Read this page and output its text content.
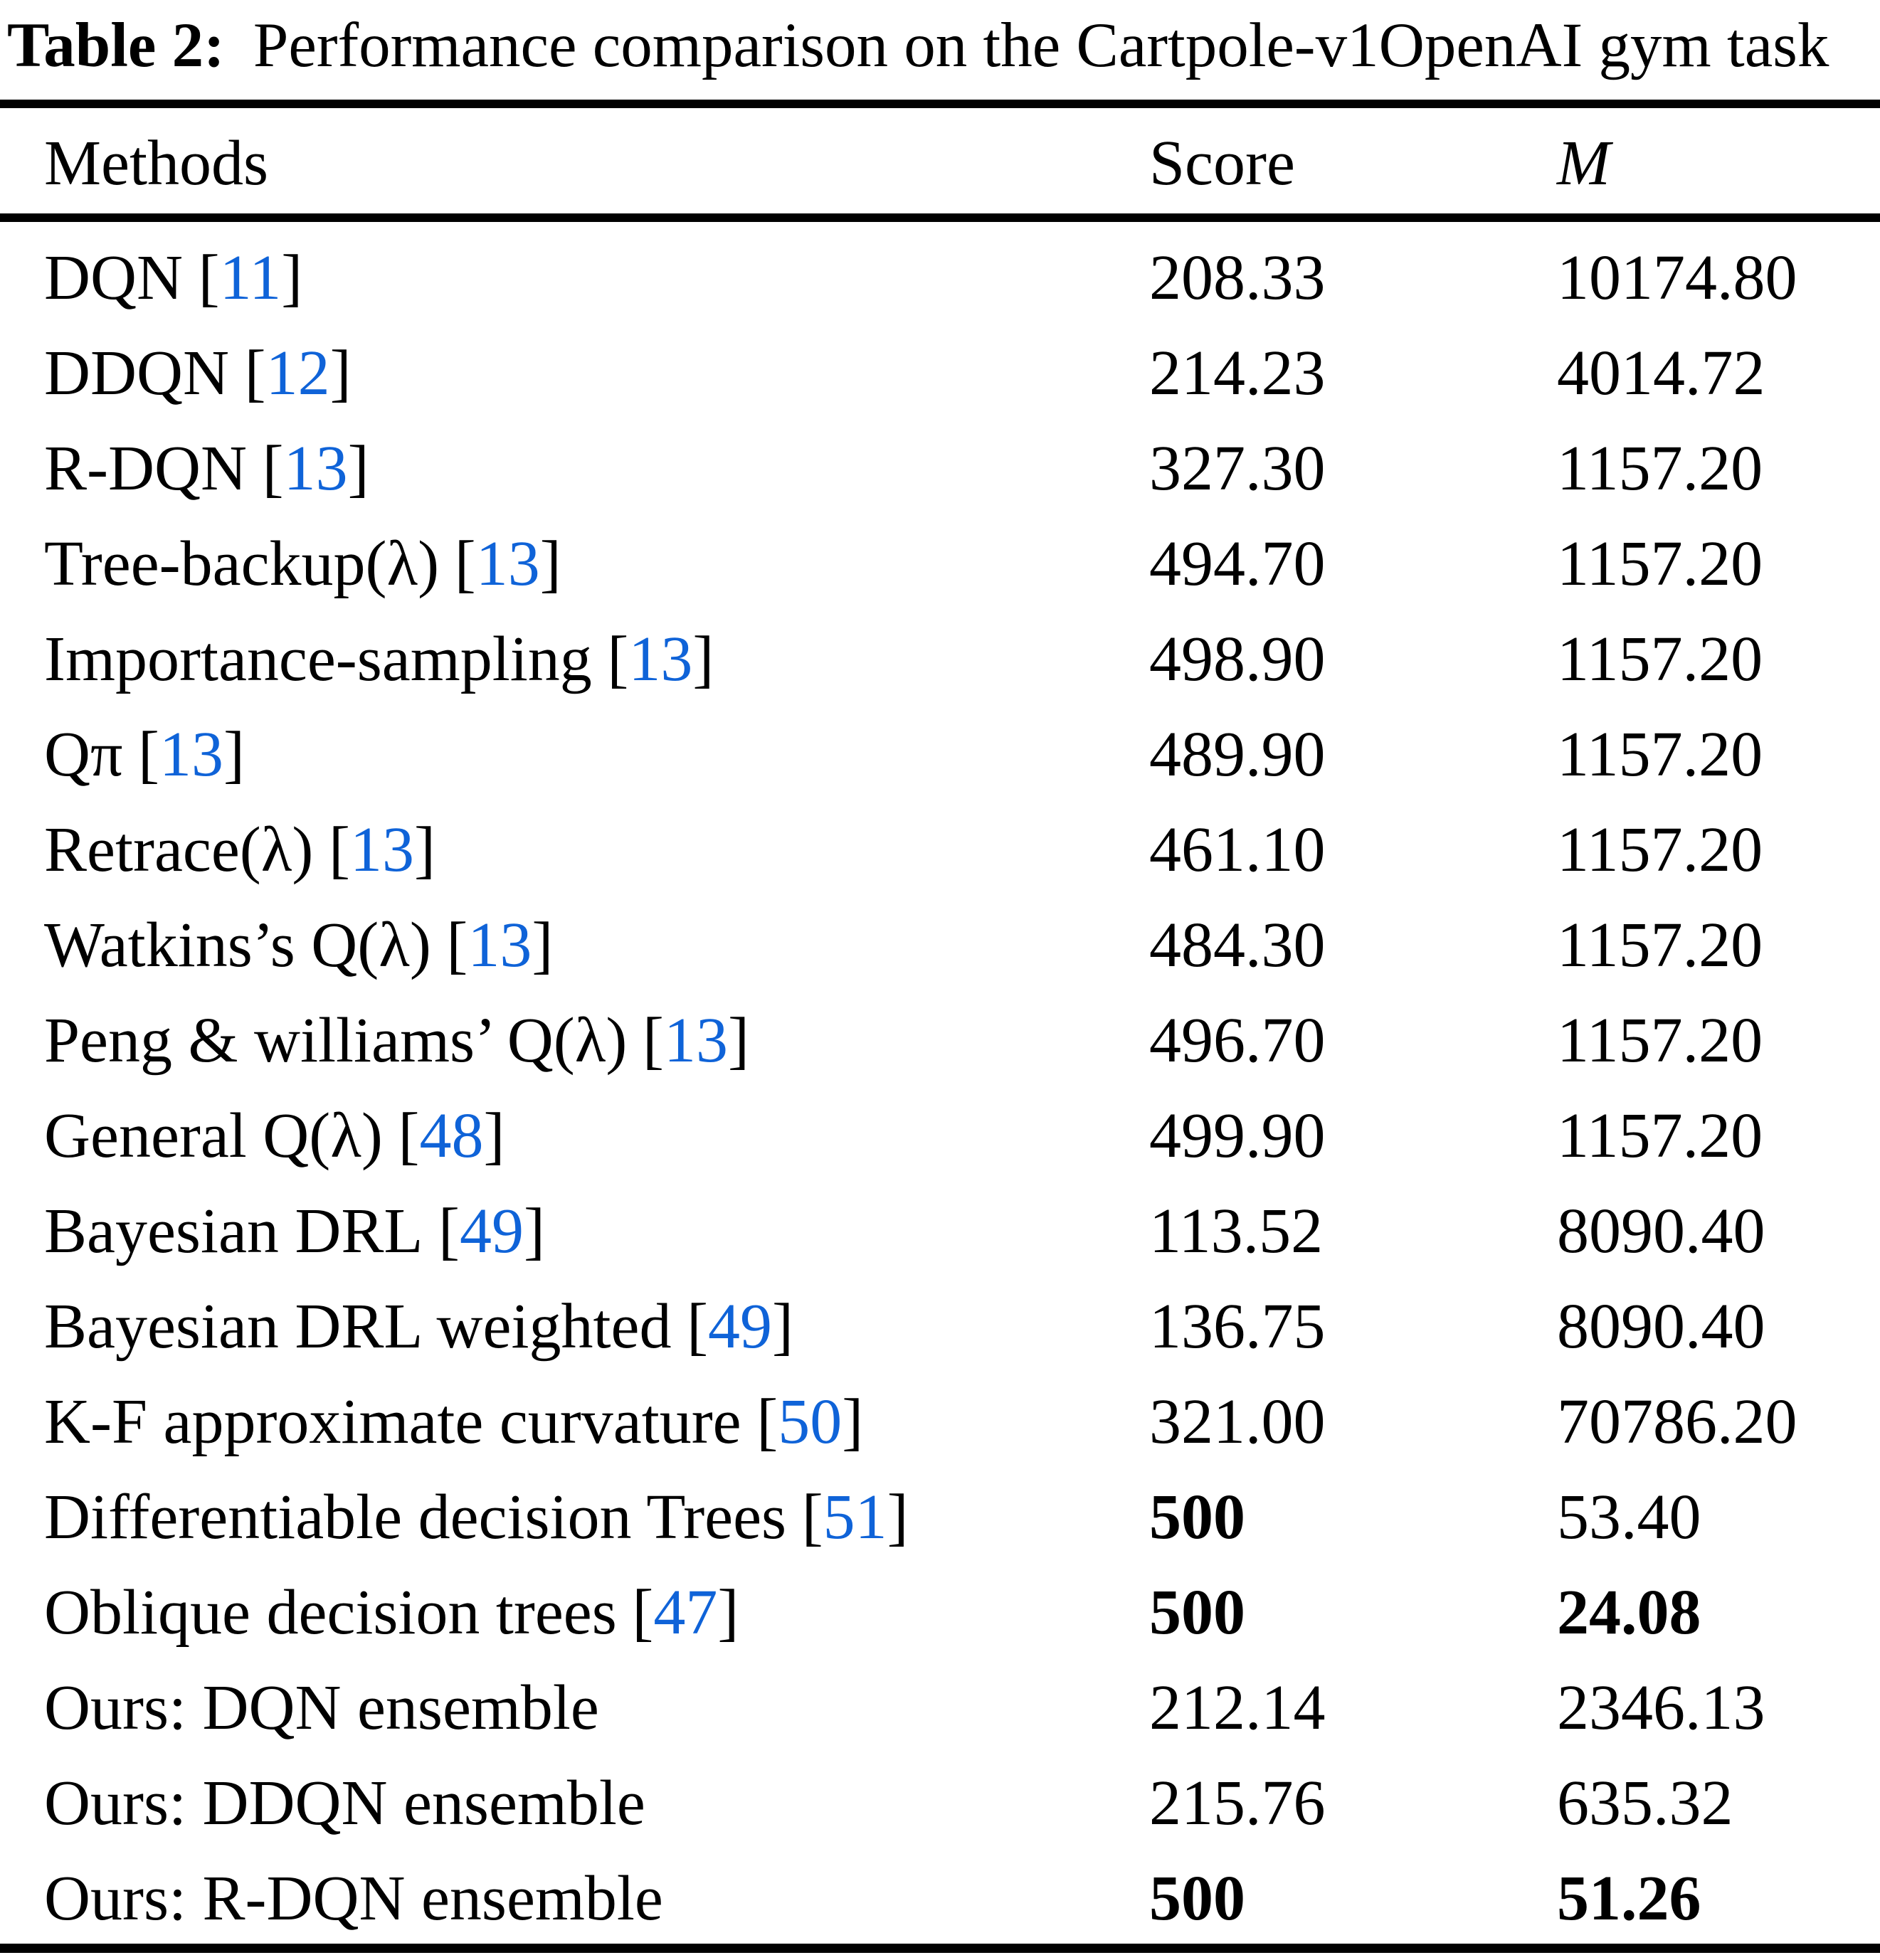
Table 2: Performance comparison on the Cartpole-v1OpenAI gym task
Methods	Score	M
DQN [ 11 ]	208.33	10174.80
DDQN [ 12 ]	214.23	4014.72
R-DQN [ 13 ]	327.30	1157.20
Tree-backup(λ) [ 13 ]	494.70	1157.20
Importance-sampling [ 13 ]	498.90	1157.20
Qπ [ 13 ]	489.90	1157.20
Retrace(λ) [ 13 ]	461.10	1157.20
Watkins’s Q(λ) [ 13 ]	484.30	1157.20
Peng & williams’ Q(λ) [ 13 ]	496.70	1157.20
General Q(λ) [ 48 ]	499.90	1157.20
Bayesian DRL [ 49 ]	113.52	8090.40
Bayesian DRL weighted [ 49 ]	136.75	8090.40
K-F approximate curvature [ 50 ]	321.00	70786.20
Differentiable decision Trees [ 51 ]	500	53.40
Oblique decision trees [ 47 ]	500	24.08
Ours: DQN ensemble	212.14	2346.13
Ours: DDQN ensemble	215.76	635.32
Ours: R-DQN ensemble	500	51.26
